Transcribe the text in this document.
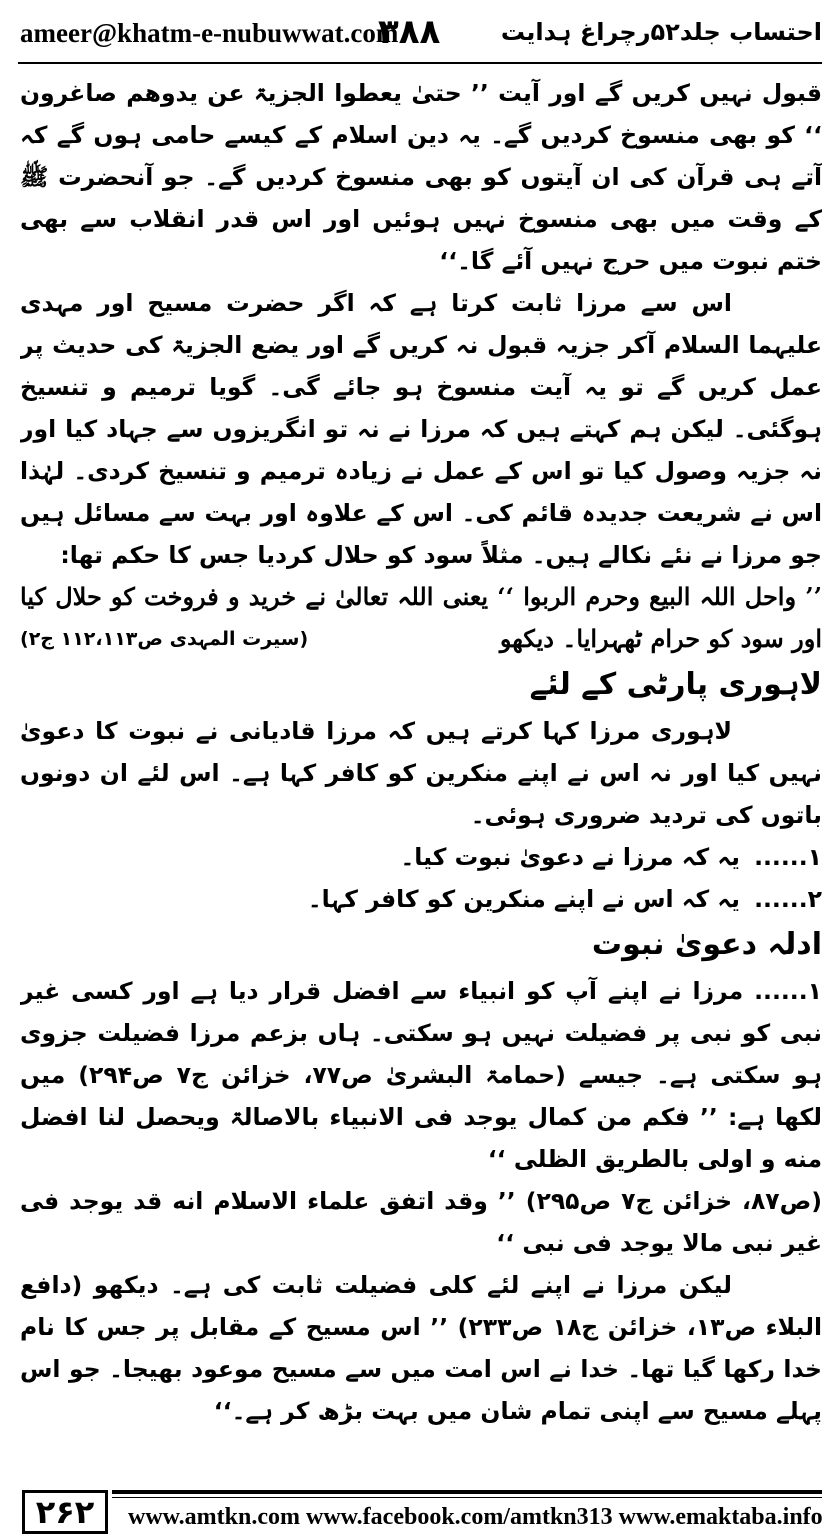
ameer@khatm-e-nubuwwat.com
۳۸۸	احتساب جلد۵۲رچراغ ہدایت

قبول نہیں کریں گے اور آیت ’’ حتیٰ یعطوا الجزیۃ عن یدوھم صاغرون ‘‘ کو بھی منسوخ کردیں گے۔ یہ دین اسلام کے کیسے حامی ہوں گے کہ آتے ہی قرآن کی ان آیتوں کو بھی منسوخ کردیں گے۔ جو آنحضرت ﷺ کے وقت میں بھی منسوخ نہیں ہوئیں اور اس قدر انقلاب سے بھی ختم نبوت میں حرج نہیں آئے گا۔‘‘

اس سے مرزا ثابت کرتا ہے کہ اگر حضرت مسیح اور مہدی علیہما السلام آکر جزیہ قبول نہ کریں گے اور یضع الجزیۃ کی حدیث پر عمل کریں گے تو یہ آیت منسوخ ہو جائے گی۔ گویا ترمیم و تنسیخ ہوگئی۔ لیکن ہم کہتے ہیں کہ مرزا نے نہ تو انگریزوں سے جہاد کیا اور نہ جزیہ وصول کیا تو اس کے عمل نے زیادہ ترمیم و تنسیخ کردی۔ لہٰذا اس نے شریعت جدیدہ قائم کی۔ اس کے علاوہ اور بہت سے مسائل ہیں جو مرزا نے نئے نکالے ہیں۔ مثلاً سود کو حلال کردیا جس کا حکم تھا:

’’ واحل اللہ البیع وحرم الربوا ‘‘ یعنی اللہ تعالیٰ نے خرید و فروخت کو حلال کیا اور سود کو حرام ٹھہرایا۔ دیکھو
(سیرت المہدی ص۱۱۲،۱۱۳ ج۲)

لاہوری پارٹی کے لئے

لاہوری مرزا کہا کرتے ہیں کہ مرزا قادیانی نے نبوت کا دعویٰ نہیں کیا اور نہ اس نے اپنے منکرین کو کافر کہا ہے۔ اس لئے ان دونوں باتوں کی تردید ضروری ہوئی۔

۱......
یہ کہ مرزا نے دعویٰ نبوت کیا۔
۲......
یہ کہ اس نے اپنے منکرین کو کافر کہا۔

ادلہ دعویٰ نبوت

۱...... مرزا نے اپنے آپ کو انبیاء سے افضل قرار دیا ہے اور کسی غیر نبی کو نبی پر فضیلت نہیں ہو سکتی۔ ہاں بزعم مرزا فضیلت جزوی ہو سکتی ہے۔ جیسے (حمامۃ البشریٰ ص۷۷، خزائن ج۷ ص۲۹۴) میں لکھا ہے: ’’ فکم من کمال یوجد فی الانبیاء بالاصالۃ ویحصل لنا افضل منه و اولی بالطریق الظلی ‘‘

(ص۸۷، خزائن ج۷ ص۲۹۵) ’’ وقد اتفق علماء الاسلام انه قد یوجد فی غیر نبی مالا یوجد فی نبی ‘‘

لیکن مرزا نے اپنے لئے کلی فضیلت ثابت کی ہے۔ دیکھو (دافع البلاء ص۱۳، خزائن ج۱۸ ص۲۳۳) ’’ اس مسیح کے مقابل پر جس کا نام خدا رکھا گیا تھا۔ خدا نے اس امت میں سے مسیح موعود بھیجا۔ جو اس پہلے مسیح سے اپنی تمام شان میں بہت بڑھ کر ہے۔‘‘

۲۶۲	www.amtkn.com www.facebook.com/amtkn313 www.emaktaba.info
